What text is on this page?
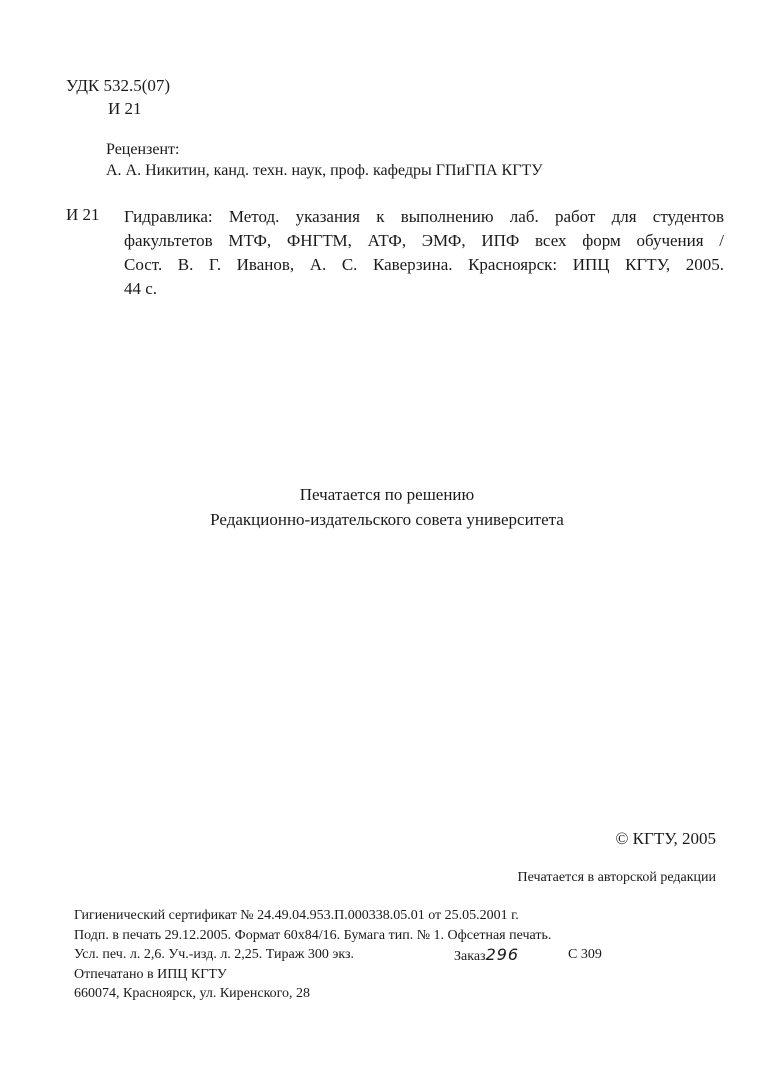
УДК 532.5(07)
И 21
Рецензент:
А. А. Никитин, канд. техн. наук, проф. кафедры ГПиГПА КГТУ
И 21 Гидравлика: Метод. указания к выполнению лаб. работ для студентов
факультетов МТФ, ФНГТМ, АТФ, ЭМФ, ИПФ всех форм обучения /
Сост. В. Г. Иванов, А. С. Каверзина. Красноярск: ИПЦ КГТУ, 2005.
44 с.
Печатается по решению
Редакционно-издательского совета университета
© КГТУ, 2005
Печатается в авторской редакции
Гигиенический сертификат № 24.49.04.953.П.000338.05.01 от 25.05.2001 г.
Подп. в печать 29.12.2005. Формат 60х84/16. Бумага тип. № 1. Офсетная печать.
Усл. печ. л. 2,6. Уч.-изд. л. 2,25. Тираж 300 экз.	Заказ296	С 309
Отпечатано в ИПЦ КГТУ
660074, Красноярск, ул. Киренского, 28
